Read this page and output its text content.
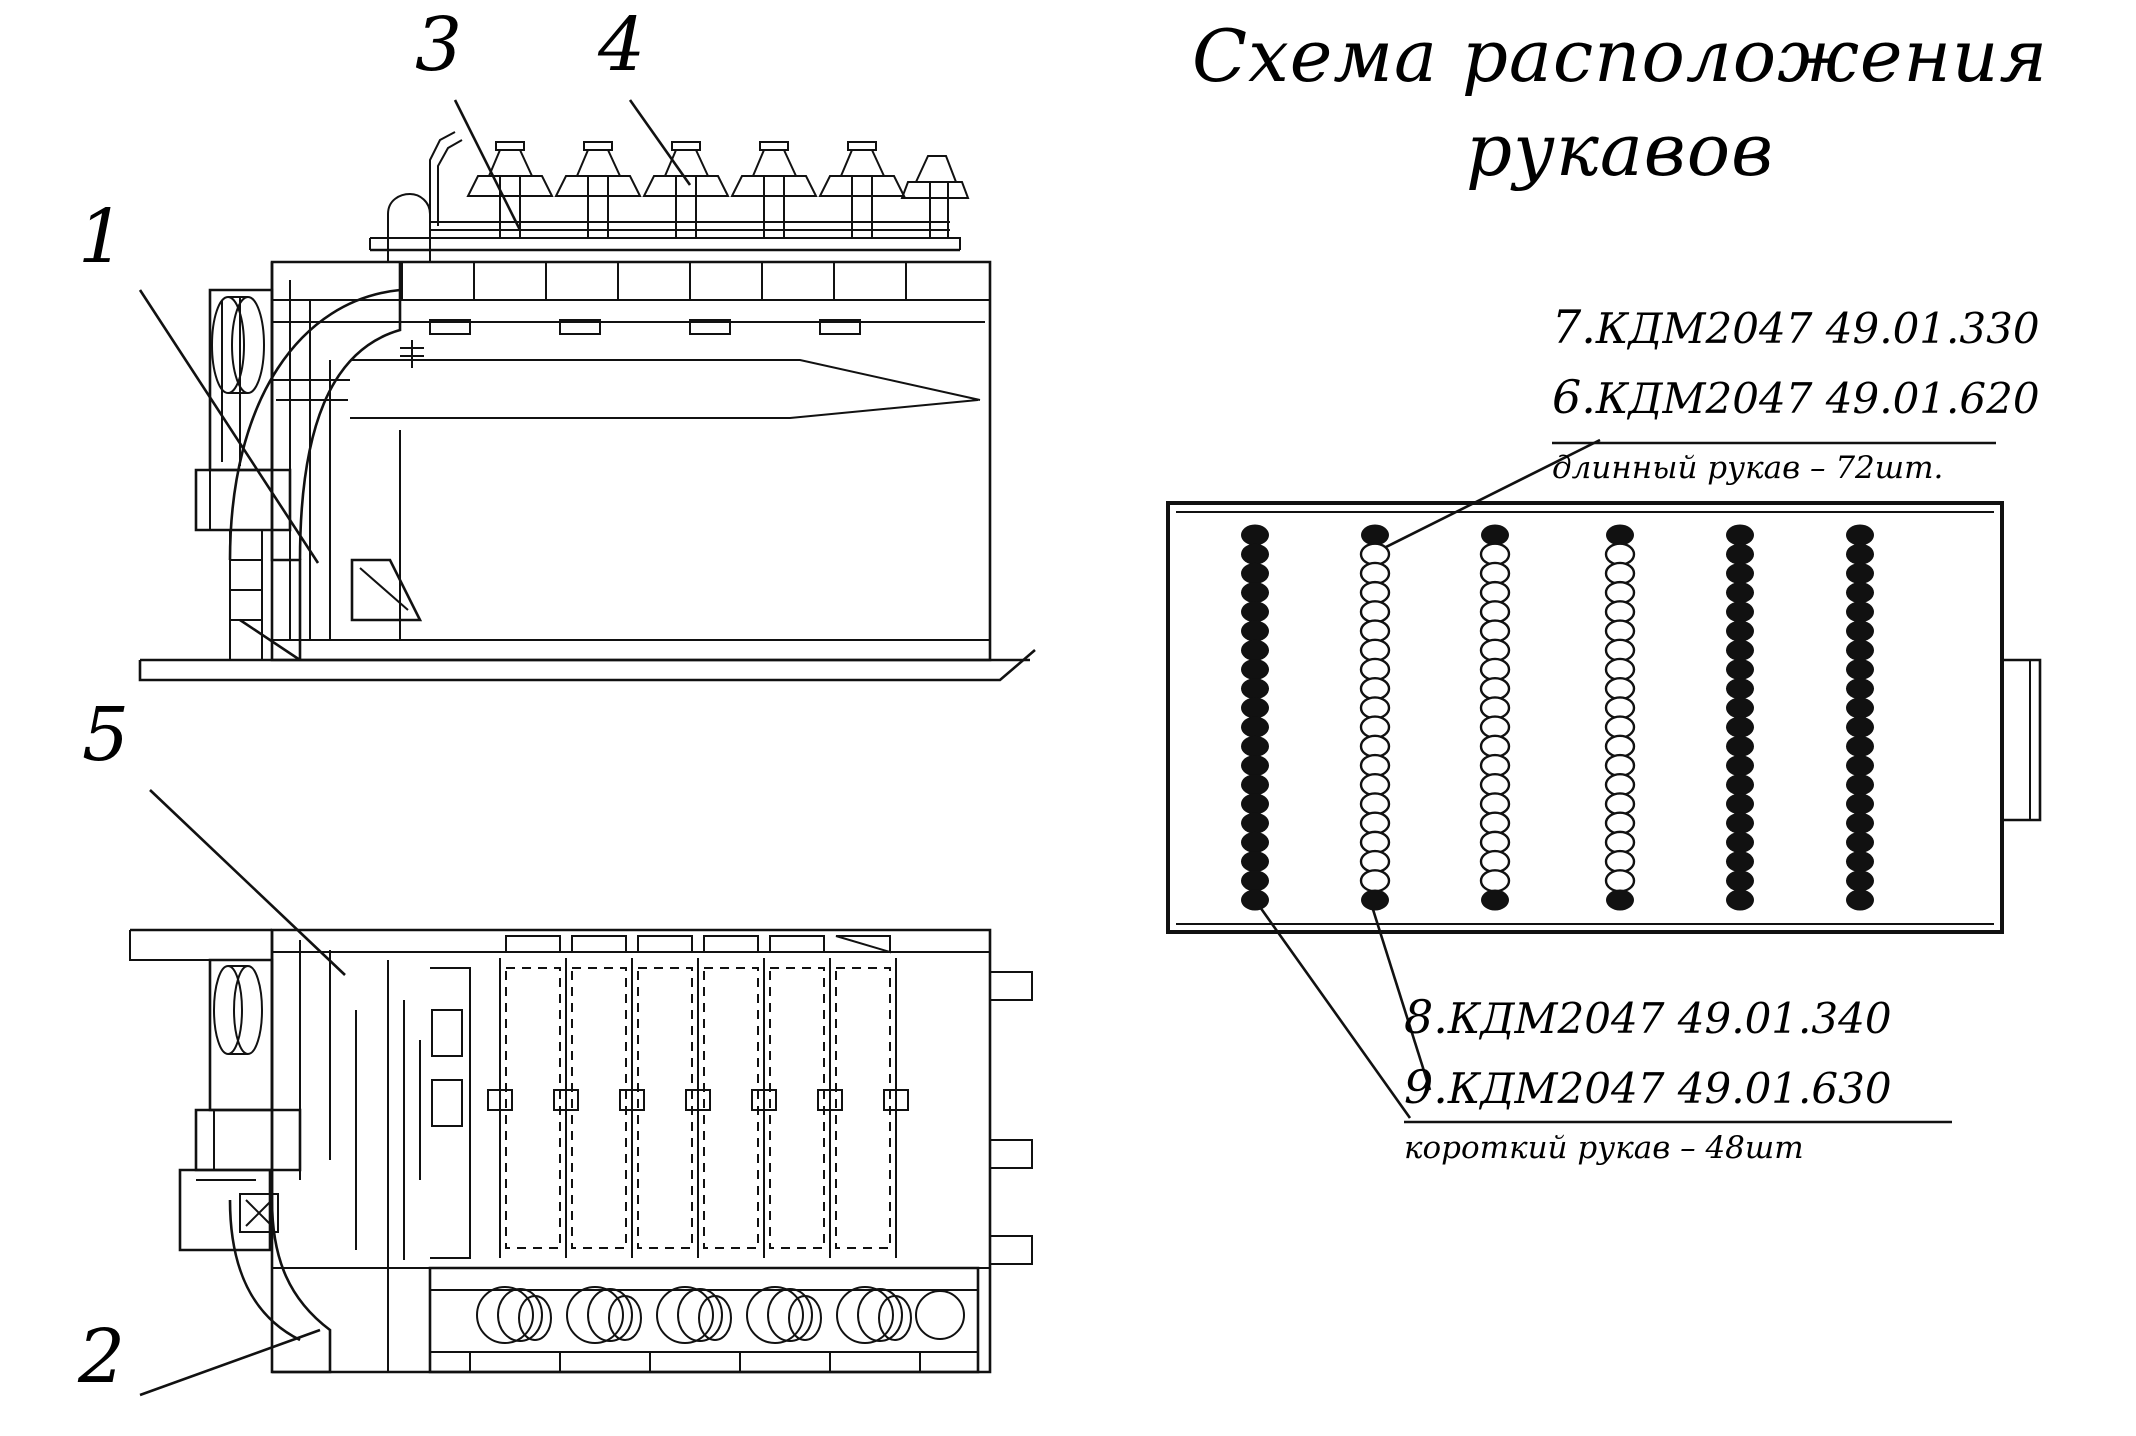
1
2
3 4
5
Схема расположения
рукавов
7.КДМ2047 49.01.330
6.КДМ2047 49.01.620
длинный рукав – 72шт.
8.КДМ2047 49.01.340
9.КДМ2047 49.01.630
короткий рукав – 48шт
